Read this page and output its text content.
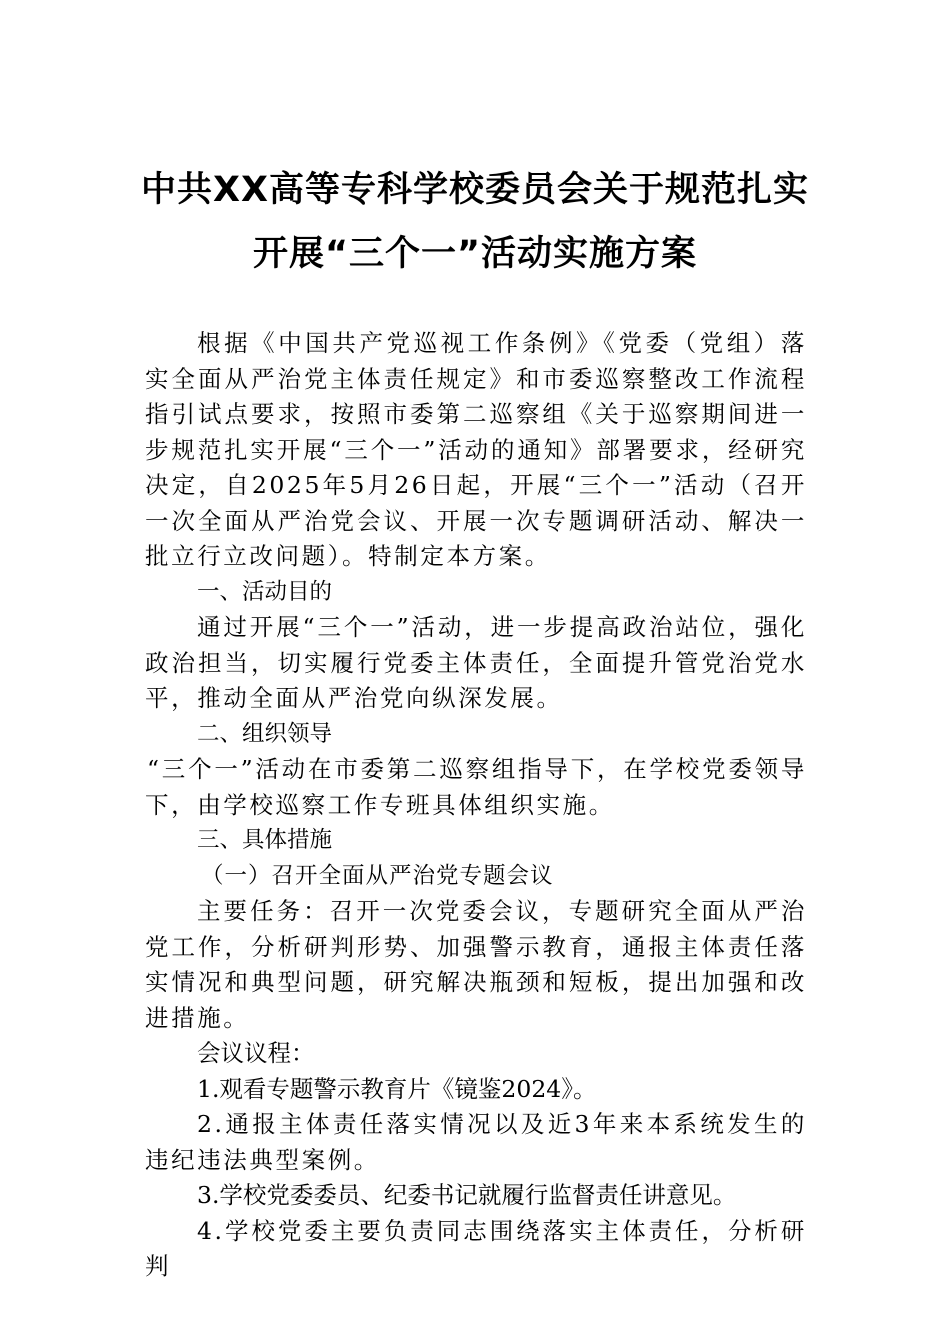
中共XX高等专科学校委员会关于规范扎实
开展“三个一”活动实施方案

根据《中国共产党巡视工作条例》《党委（党组）落实全面从严治党主体责任规定》和市委巡察整改工作流程指引试点要求，按照市委第二巡察组《关于巡察期间进一步规范扎实开展“三个一”活动的通知》部署要求，经研究决定，自2025年5月26日起，开展“三个一”活动（召开一次全面从严治党会议、开展一次专题调研活动、解决一批立行立改问题）。特制定本方案。

一、活动目的

通过开展“三个一”活动，进一步提高政治站位，强化政治担当，切实履行党委主体责任，全面提升管党治党水平，推动全面从严治党向纵深发展。

二、组织领导

“三个一”活动在市委第二巡察组指导下，在学校党委领导下，由学校巡察工作专班具体组织实施。

三、具体措施

（一）召开全面从严治党专题会议

主要任务：召开一次党委会议，专题研究全面从严治党工作，分析研判形势、加强警示教育，通报主体责任落实情况和典型问题，研究解决瓶颈和短板，提出加强和改进措施。

会议议程：

1.观看专题警示教育片《镜鉴2024》。

2.通报主体责任落实情况以及近3年来本系统发生的违纪违法典型案例。

3.学校党委委员、纪委书记就履行监督责任讲意见。

4.学校党委主要负责同志围绕落实主体责任，分析研判
